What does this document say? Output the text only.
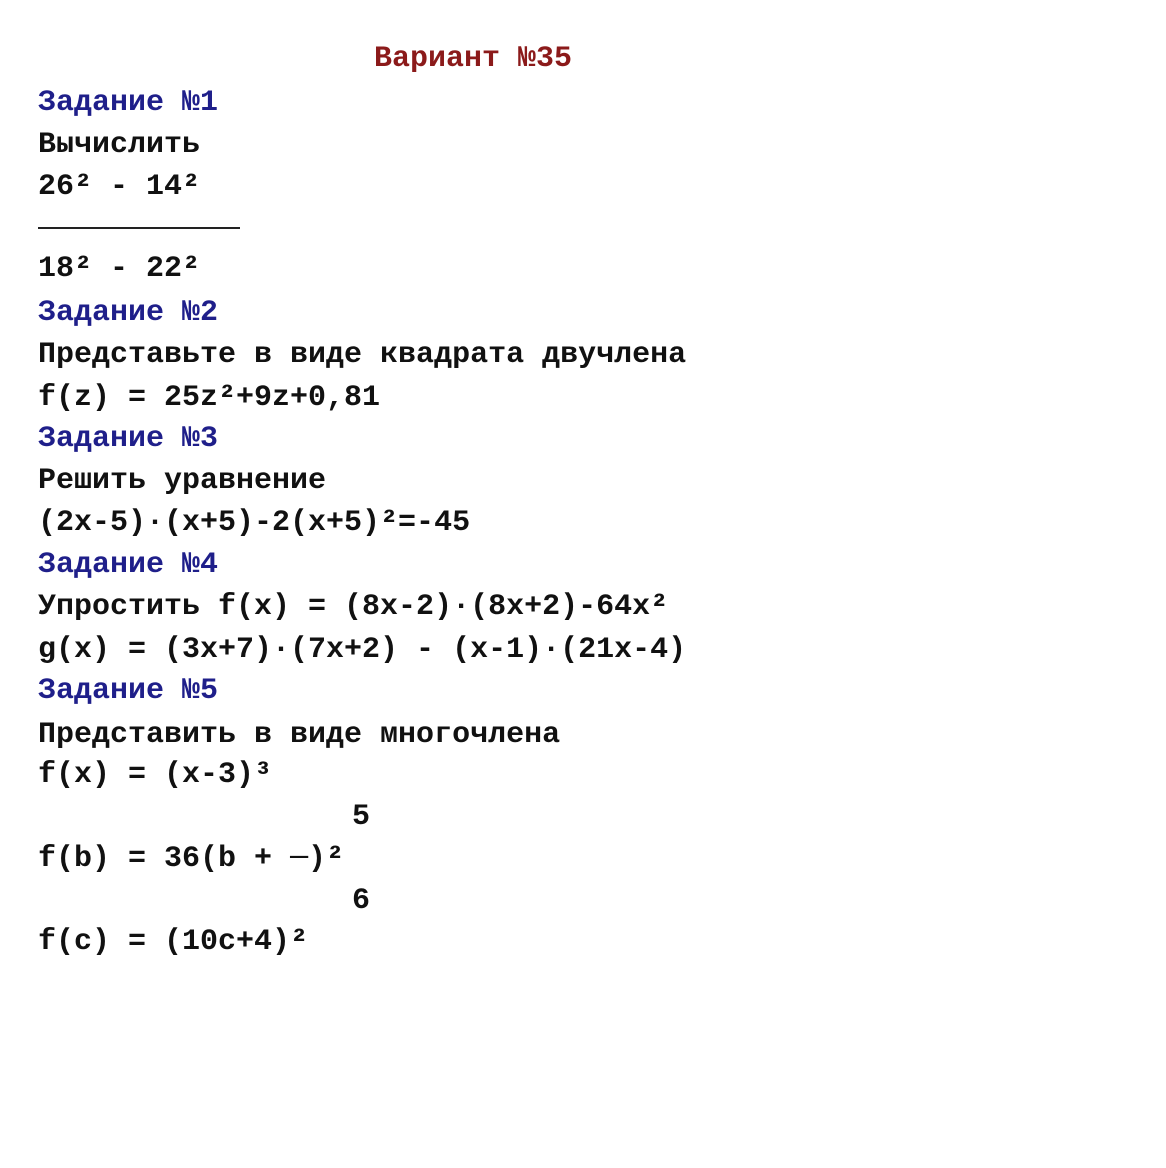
Вариант №35
Задание №1
Вычислить
26² - 14²
18² - 22²
Задание №2
Представьте в виде квадрата двучлена
f(z) = 25z²+9z+0,81
Задание №3
Решить уравнение
(2x-5)·(x+5)-2(x+5)²=-45
Задание №4
Упростить f(x) = (8x-2)·(8x+2)-64x²
g(x) = (3x+7)·(7x+2) - (x-1)·(21x-4)
Задание №5
Представить в виде многочлена
f(x) = (x-3)³
5
f(b) = 36(b + ─)²
6
f(c) = (10c+4)²
